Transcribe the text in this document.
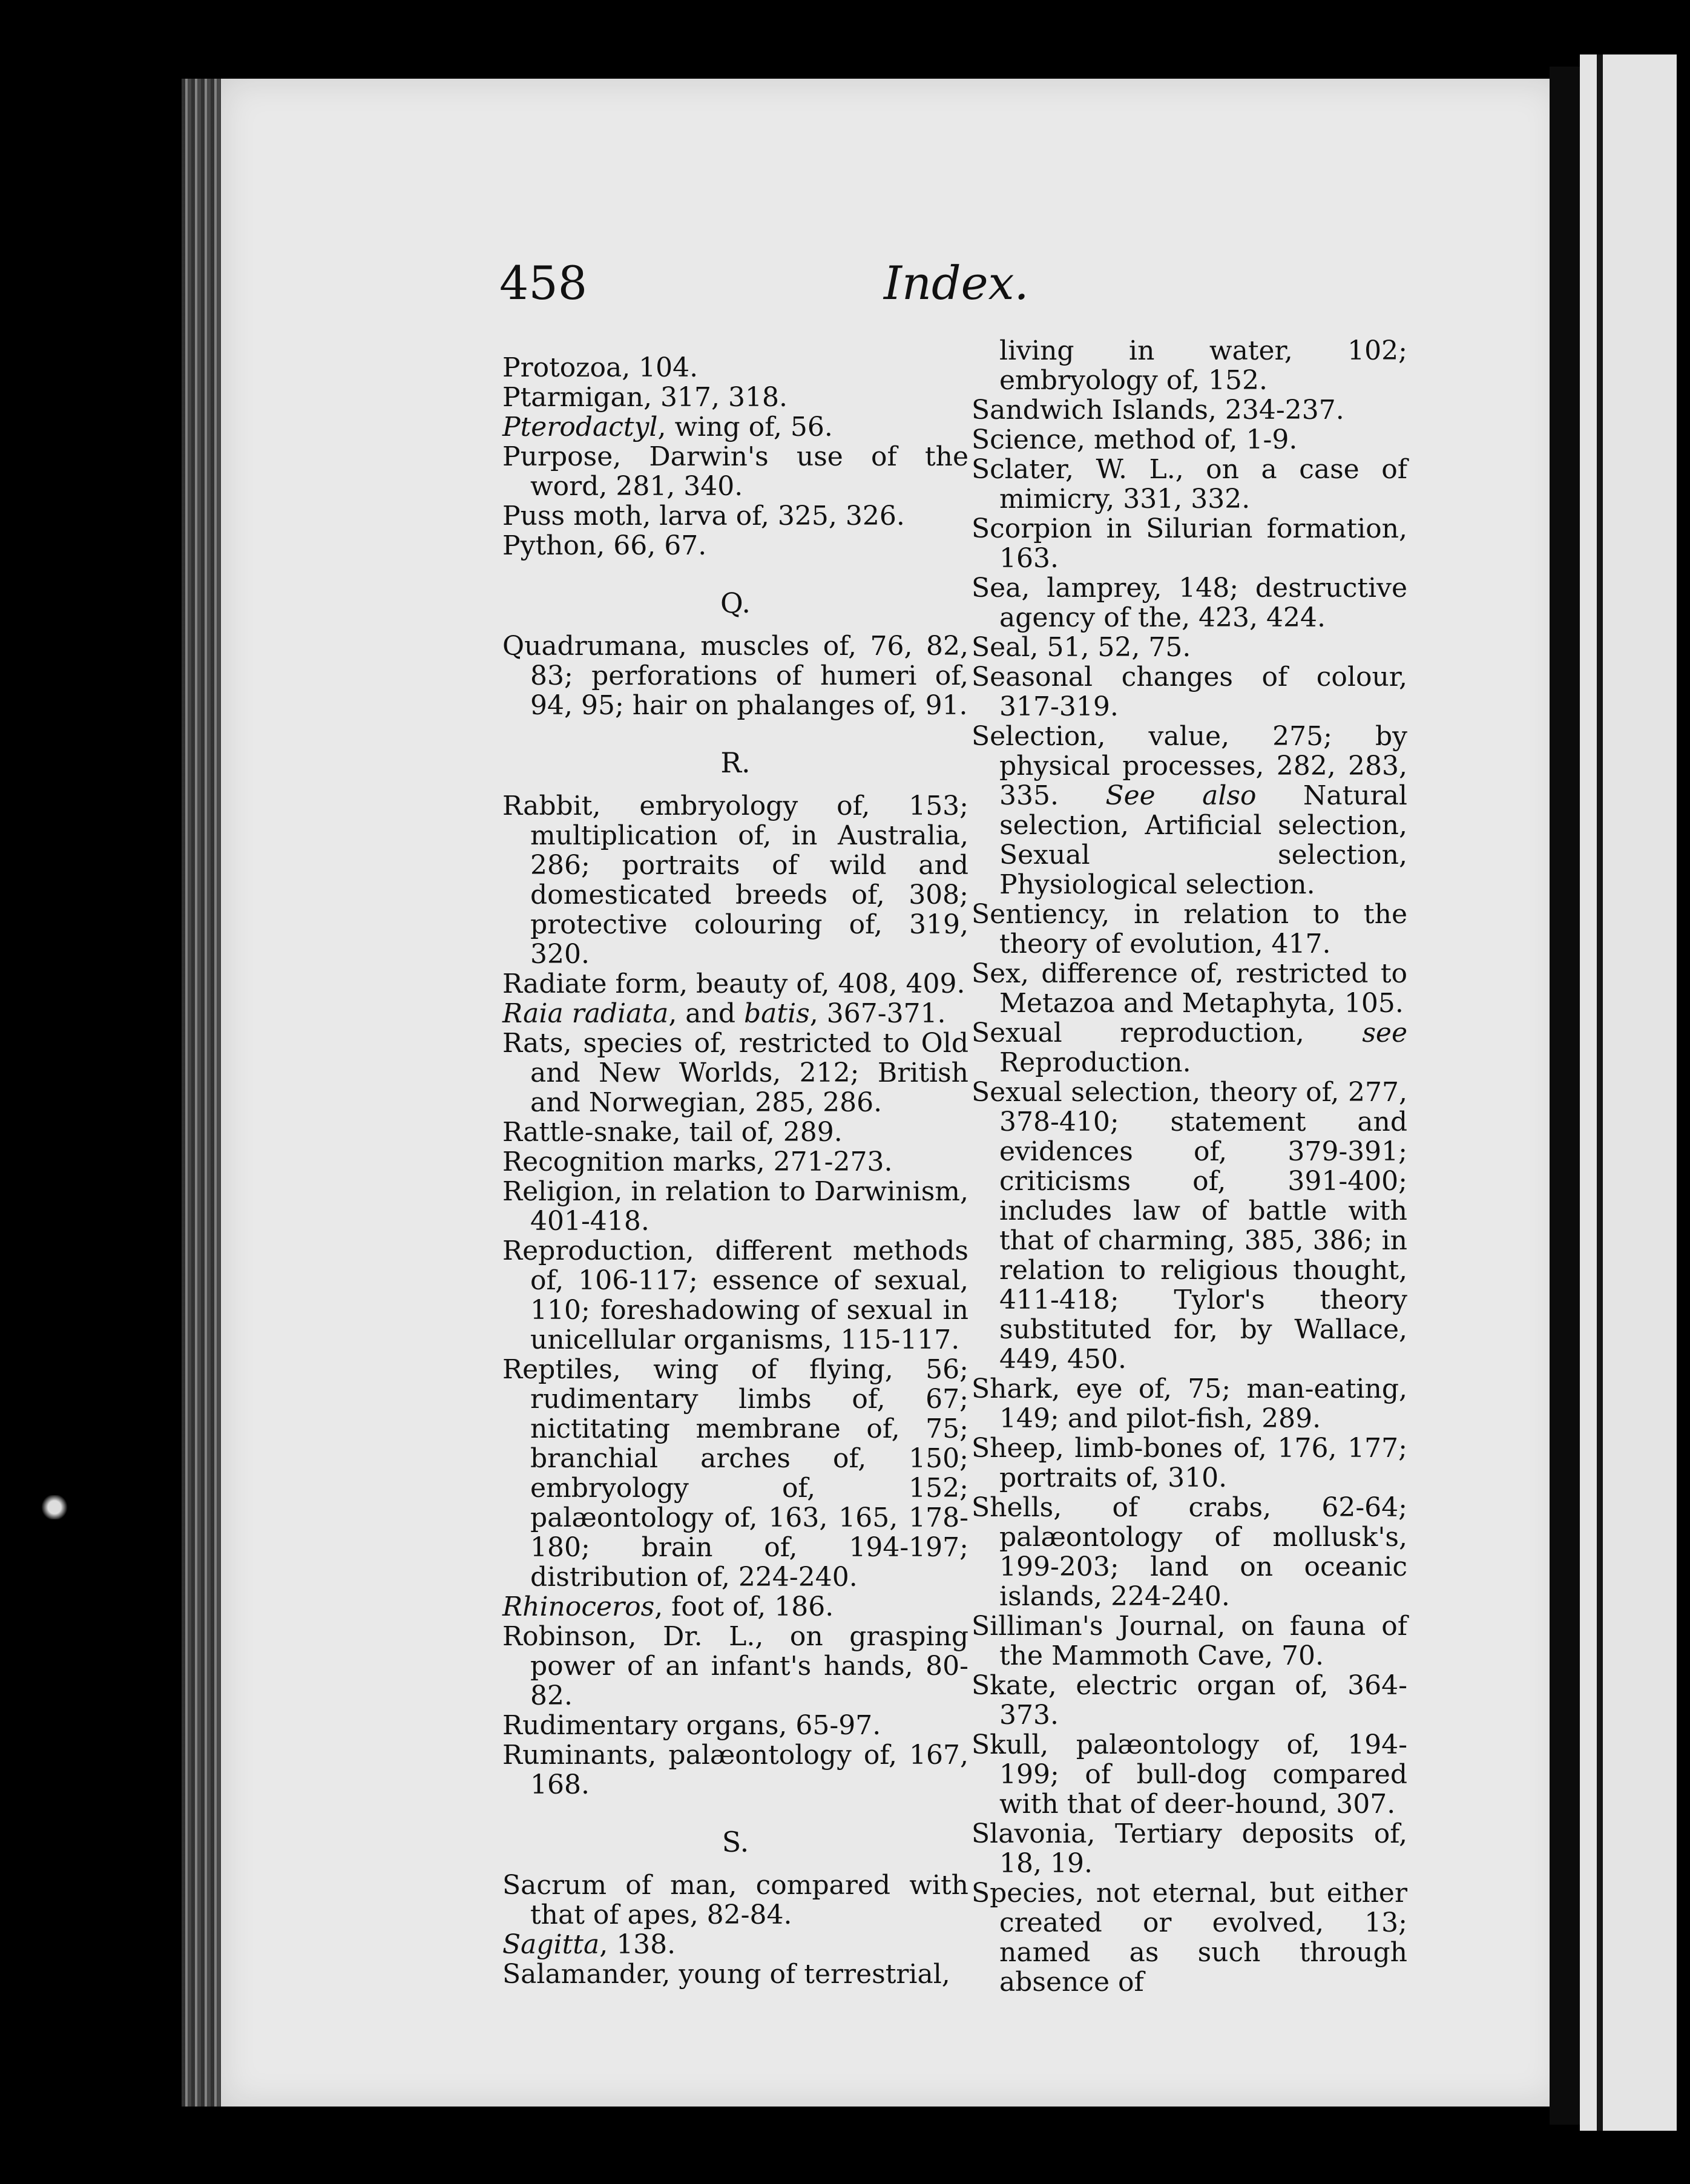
458	Index.

Protozoa, 104.

Ptarmigan, 317, 318.

Pterodactyl, wing of, 56.

Purpose, Darwin's use of the word, 281, 340.

Puss moth, larva of, 325, 326.

Python, 66, 67.

Q.

Quadrumana, muscles of, 76, 82, 83; perforations of humeri of, 94, 95; hair on phalanges of, 91.

R.

Rabbit, embryology of, 153; multiplication of, in Australia, 286; portraits of wild and domesticated breeds of, 308; protective colouring of, 319, 320.

Radiate form, beauty of, 408, 409.

Raia radiata, and batis, 367-371.

Rats, species of, restricted to Old and New Worlds, 212; British and Norwegian, 285, 286.

Rattle-snake, tail of, 289.

Recognition marks, 271-273.

Religion, in relation to Darwinism, 401-418.

Reproduction, different methods of, 106-117; essence of sexual, 110; foreshadowing of sexual in unicellular organisms, 115-117.

Reptiles, wing of flying, 56; rudimentary limbs of, 67; nictitating membrane of, 75; branchial arches of, 150; embryology of, 152; palæontology of, 163, 165, 178-180; brain of, 194-197; distribution of, 224-240.

Rhinoceros, foot of, 186.

Robinson, Dr. L., on grasping power of an infant's hands, 80-82.

Rudimentary organs, 65-97.

Ruminants, palæontology of, 167, 168.

S.

Sacrum of man, compared with that of apes, 82-84.

Sagitta, 138.

Salamander, young of terrestrial,

living in water, 102; embryology of, 152.

Sandwich Islands, 234-237.

Science, method of, 1-9.

Sclater, W. L., on a case of mimicry, 331, 332.

Scorpion in Silurian formation, 163.

Sea, lamprey, 148; destructive agency of the, 423, 424.

Seal, 51, 52, 75.

Seasonal changes of colour, 317-319.

Selection, value, 275; by physical processes, 282, 283, 335. See also Natural selection, Artificial selection, Sexual selection, Physiological selection.

Sentiency, in relation to the theory of evolution, 417.

Sex, difference of, restricted to Metazoa and Metaphyta, 105.

Sexual reproduction, see Reproduction.

Sexual selection, theory of, 277, 378-410; statement and evidences of, 379-391; criticisms of, 391-400; includes law of battle with that of charming, 385, 386; in relation to religious thought, 411-418; Tylor's theory substituted for, by Wallace, 449, 450.

Shark, eye of, 75; man-eating, 149; and pilot-fish, 289.

Sheep, limb-bones of, 176, 177; portraits of, 310.

Shells, of crabs, 62-64; palæontology of mollusk's, 199-203; land on oceanic islands, 224-240.

Silliman's Journal, on fauna of the Mammoth Cave, 70.

Skate, electric organ of, 364-373.

Skull, palæontology of, 194-199; of bull-dog compared with that of deer-hound, 307.

Slavonia, Tertiary deposits of, 18, 19.

Species, not eternal, but either created or evolved, 13; named as such through absence of
